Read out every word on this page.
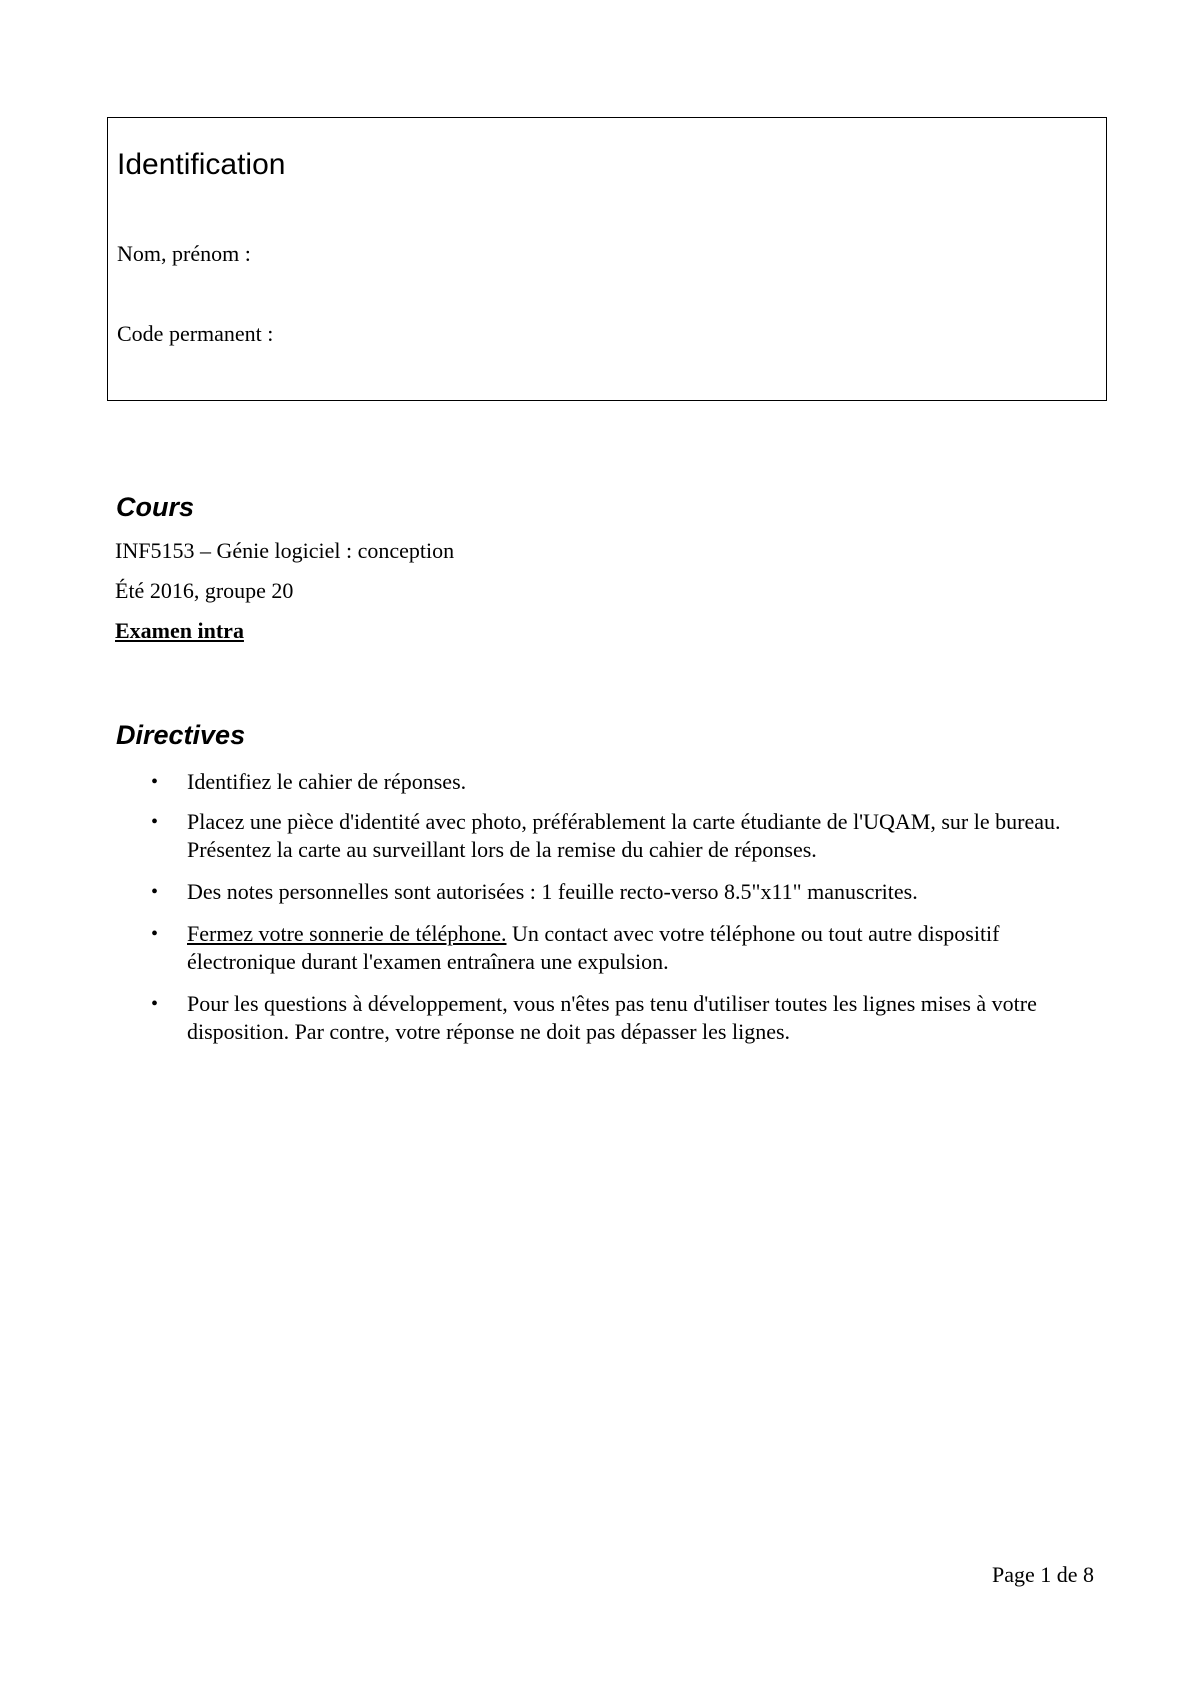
Identification
Nom, prénom :
Code permanent :
Cours
INF5153 – Génie logiciel : conception
Été 2016, groupe 20
Examen intra
Directives
• Identifiez le cahier de réponses.
• Placez une pièce d'identité avec photo, préférablement la carte étudiante de l'UQAM, sur le bureau. Présentez la carte au surveillant lors de la remise du cahier de réponses.
• Des notes personnelles sont autorisées : 1 feuille recto-verso 8.5"x11" manuscrites.
• Fermez votre sonnerie de téléphone. Un contact avec votre téléphone ou tout autre dispositif électronique durant l'examen entraînera une expulsion.
• Pour les questions à développement, vous n'êtes pas tenu d'utiliser toutes les lignes mises à votre disposition. Par contre, votre réponse ne doit pas dépasser les lignes.
Page 1 de 8
